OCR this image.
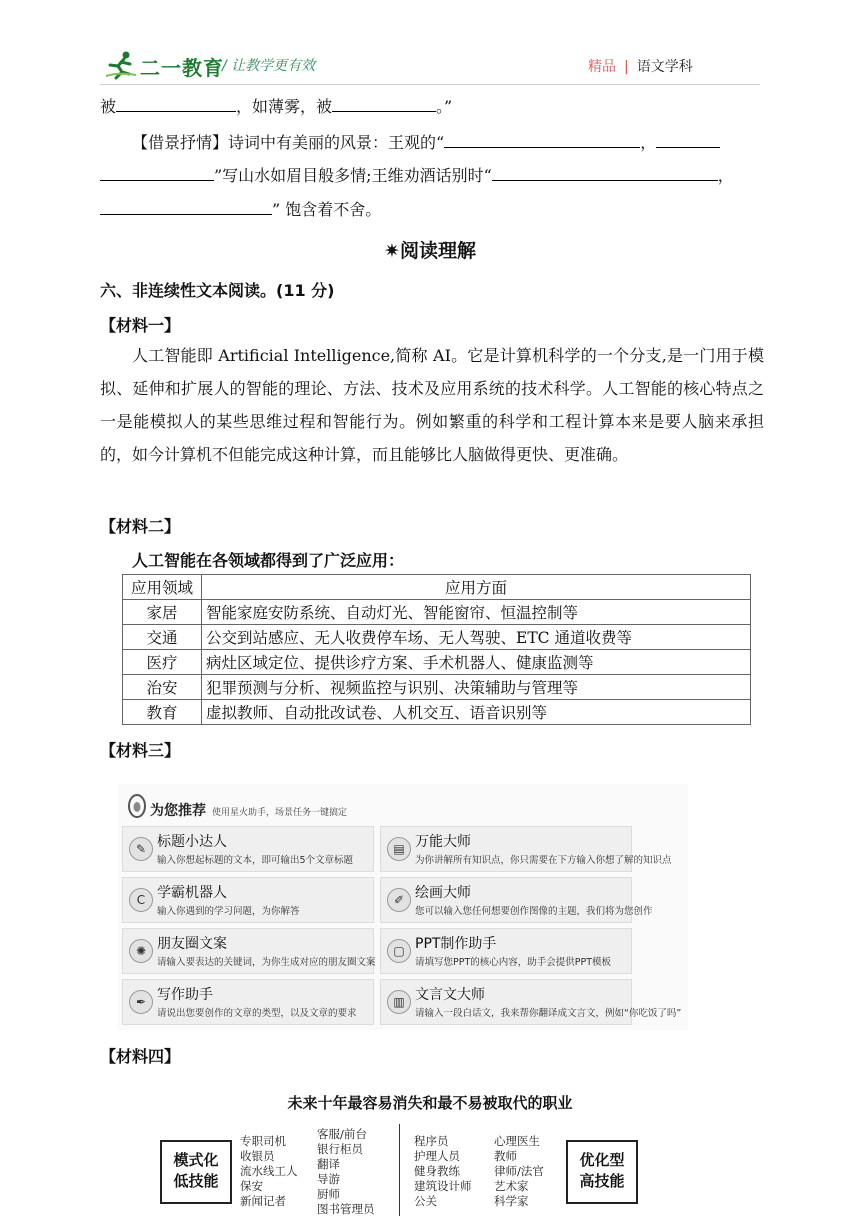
二一教育
/ 让教学更有效	精品 | 语文学科
被	，如薄雾，被	。”
【借景抒情】诗词中有美丽的风景：王观的“	，
”写山水如眉目般多情;王维劝酒话别时“	，
” 饱含着不舍。
✷阅读理解
六、非连续性文本阅读。(11 分)
【材料一】
人工智能即 Artificial Intelligence,简称 AI。它是计算机科学的一个分支,是一门用于模拟、延伸和扩展人的智能的理论、方法、技术及应用系统的技术科学。人工智能的核心特点之一是能模拟人的某些思维过程和智能行为。例如繁重的科学和工程计算本来是要人脑来承担的，如今计算机不但能完成这种计算，而且能够比人脑做得更快、更准确。
【材料二】
人工智能在各领域都得到了广泛应用：
应用领域	应用方面
家居	智能家庭安防系统、自动灯光、智能窗帘、恒温控制等
交通	公交到站感应、无人收费停车场、无人驾驶、ETC 通道收费等
医疗	病灶区域定位、提供诊疗方案、手术机器人、健康监测等
治安	犯罪预测与分析、视频监控与识别、决策辅助与管理等
教育	虚拟教师、自动批改试卷、人机交互、语音识别等
【材料三】
为您推荐 使用星火助手，场景任务一键搞定
✎ 标题小达人
输入你想起标题的文本，即可输出5个文章标题
▤ 万能大师
为你讲解所有知识点，你只需要在下方输入你想了解的知识点
C 学霸机器人
输入你遇到的学习问题，为你解答
✐ 绘画大师
您可以输入您任何想要创作图像的主题，我们将为您创作
✺ 朋友圈文案
请输入要表达的关键词，为你生成对应的朋友圈文案
▢ PPT制作助手
请填写您PPT的核心内容，助手会提供PPT模板
✒ 写作助手
请说出您要创作的文章的类型，以及文章的要求
▥ 文言文大师
请输入一段白话文，我来帮你翻译成文言文，例如“你吃饭了吗”
【材料四】
未来十年最容易消失和最不易被取代的职业
模式化
低技能
专职司机
收银员
流水线工人
保安
新闻记者
客服/前台
银行柜员
翻译
导游
厨师
图书管理员
程序员
护理人员
健身教练
建筑设计师
公关
心理医生
教师
律师/法官
艺术家
科学家
优化型
高技能
